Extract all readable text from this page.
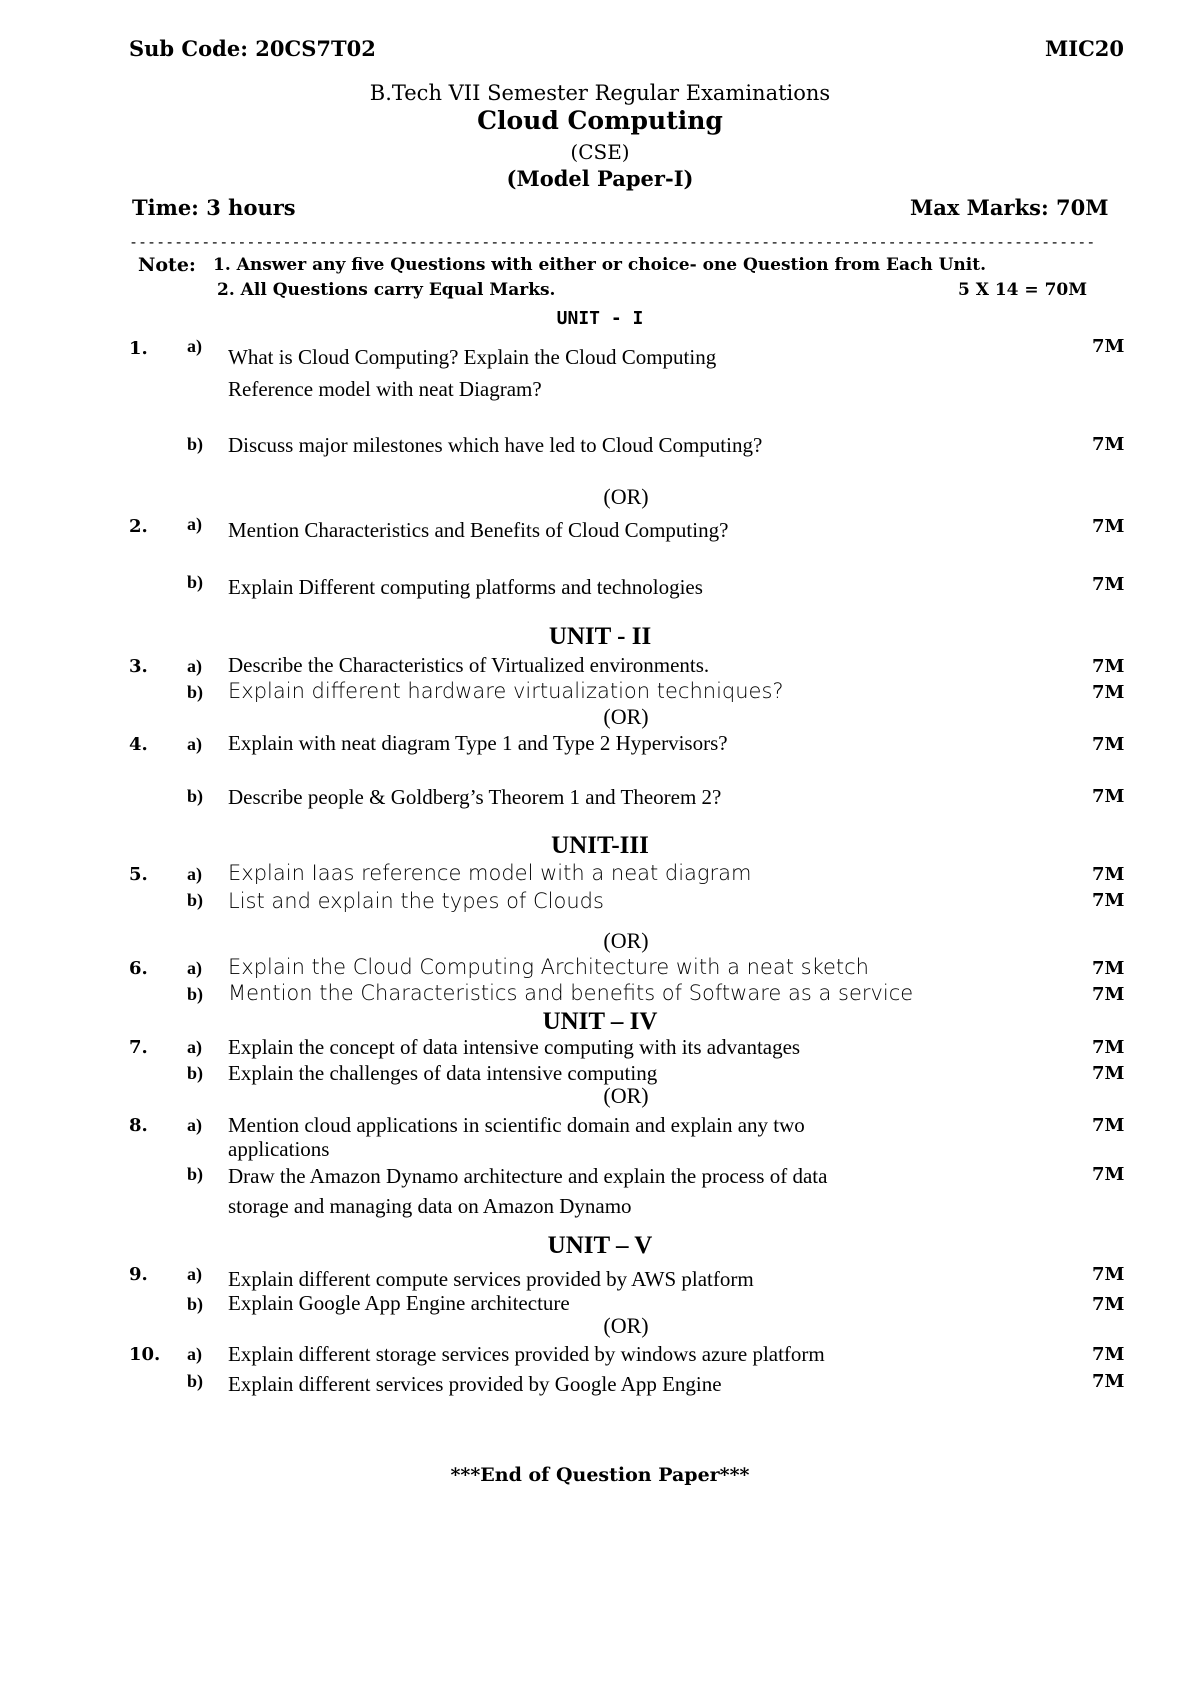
Sub Code: 20CS7T02	MIC20
B.Tech VII Semester Regular Examinations
Cloud Computing
(CSE)
(Model Paper-I)
Time: 3 hours	Max Marks: 70M
-----------------------------------------------------------------------------------------------------------
Note: 1. Answer any five Questions with either or choice- one Question from Each Unit.
2. All Questions carry Equal Marks.	5 X 14 = 70M
UNIT - I
1. a) What is Cloud Computing? Explain the Cloud Computing
Reference model with neat Diagram?
7M
b) Discuss major milestones which have led to Cloud Computing?	7M
(OR)
2. a) Mention Characteristics and Benefits of Cloud Computing?	7M
b) Explain Different computing platforms and technologies	7M
UNIT - II
3. a) Describe the Characteristics of Virtualized environments.	7M
b) Explain different hardware virtualization techniques?	7M
(OR)
4. a) Explain with neat diagram Type 1 and Type 2 Hypervisors?	7M
b) Describe people & Goldberg’s Theorem 1 and Theorem 2?	7M
UNIT-III
5. a) Explain Iaas reference model with a neat diagram	7M
b) List and explain the types of Clouds	7M
(OR)
6. a) Explain the Cloud Computing Architecture with a neat sketch	7M
b) Mention the Characteristics and benefits of Software as a service	7M
UNIT – IV
7. a) Explain the concept of data intensive computing with its advantages	7M
b) Explain the challenges of data intensive computing	7M
(OR)
8. a) Mention cloud applications in scientific domain and explain any two
applications
7M
b) Draw the Amazon Dynamo architecture and explain the process of data
storage and managing data on Amazon Dynamo
7M
UNIT – V
9. a) Explain different compute services provided by AWS platform	7M
b) Explain Google App Engine architecture	7M
(OR)
10. a) Explain different storage services provided by windows azure platform	7M
b) Explain different services provided by Google App Engine	7M
***End of Question Paper***
